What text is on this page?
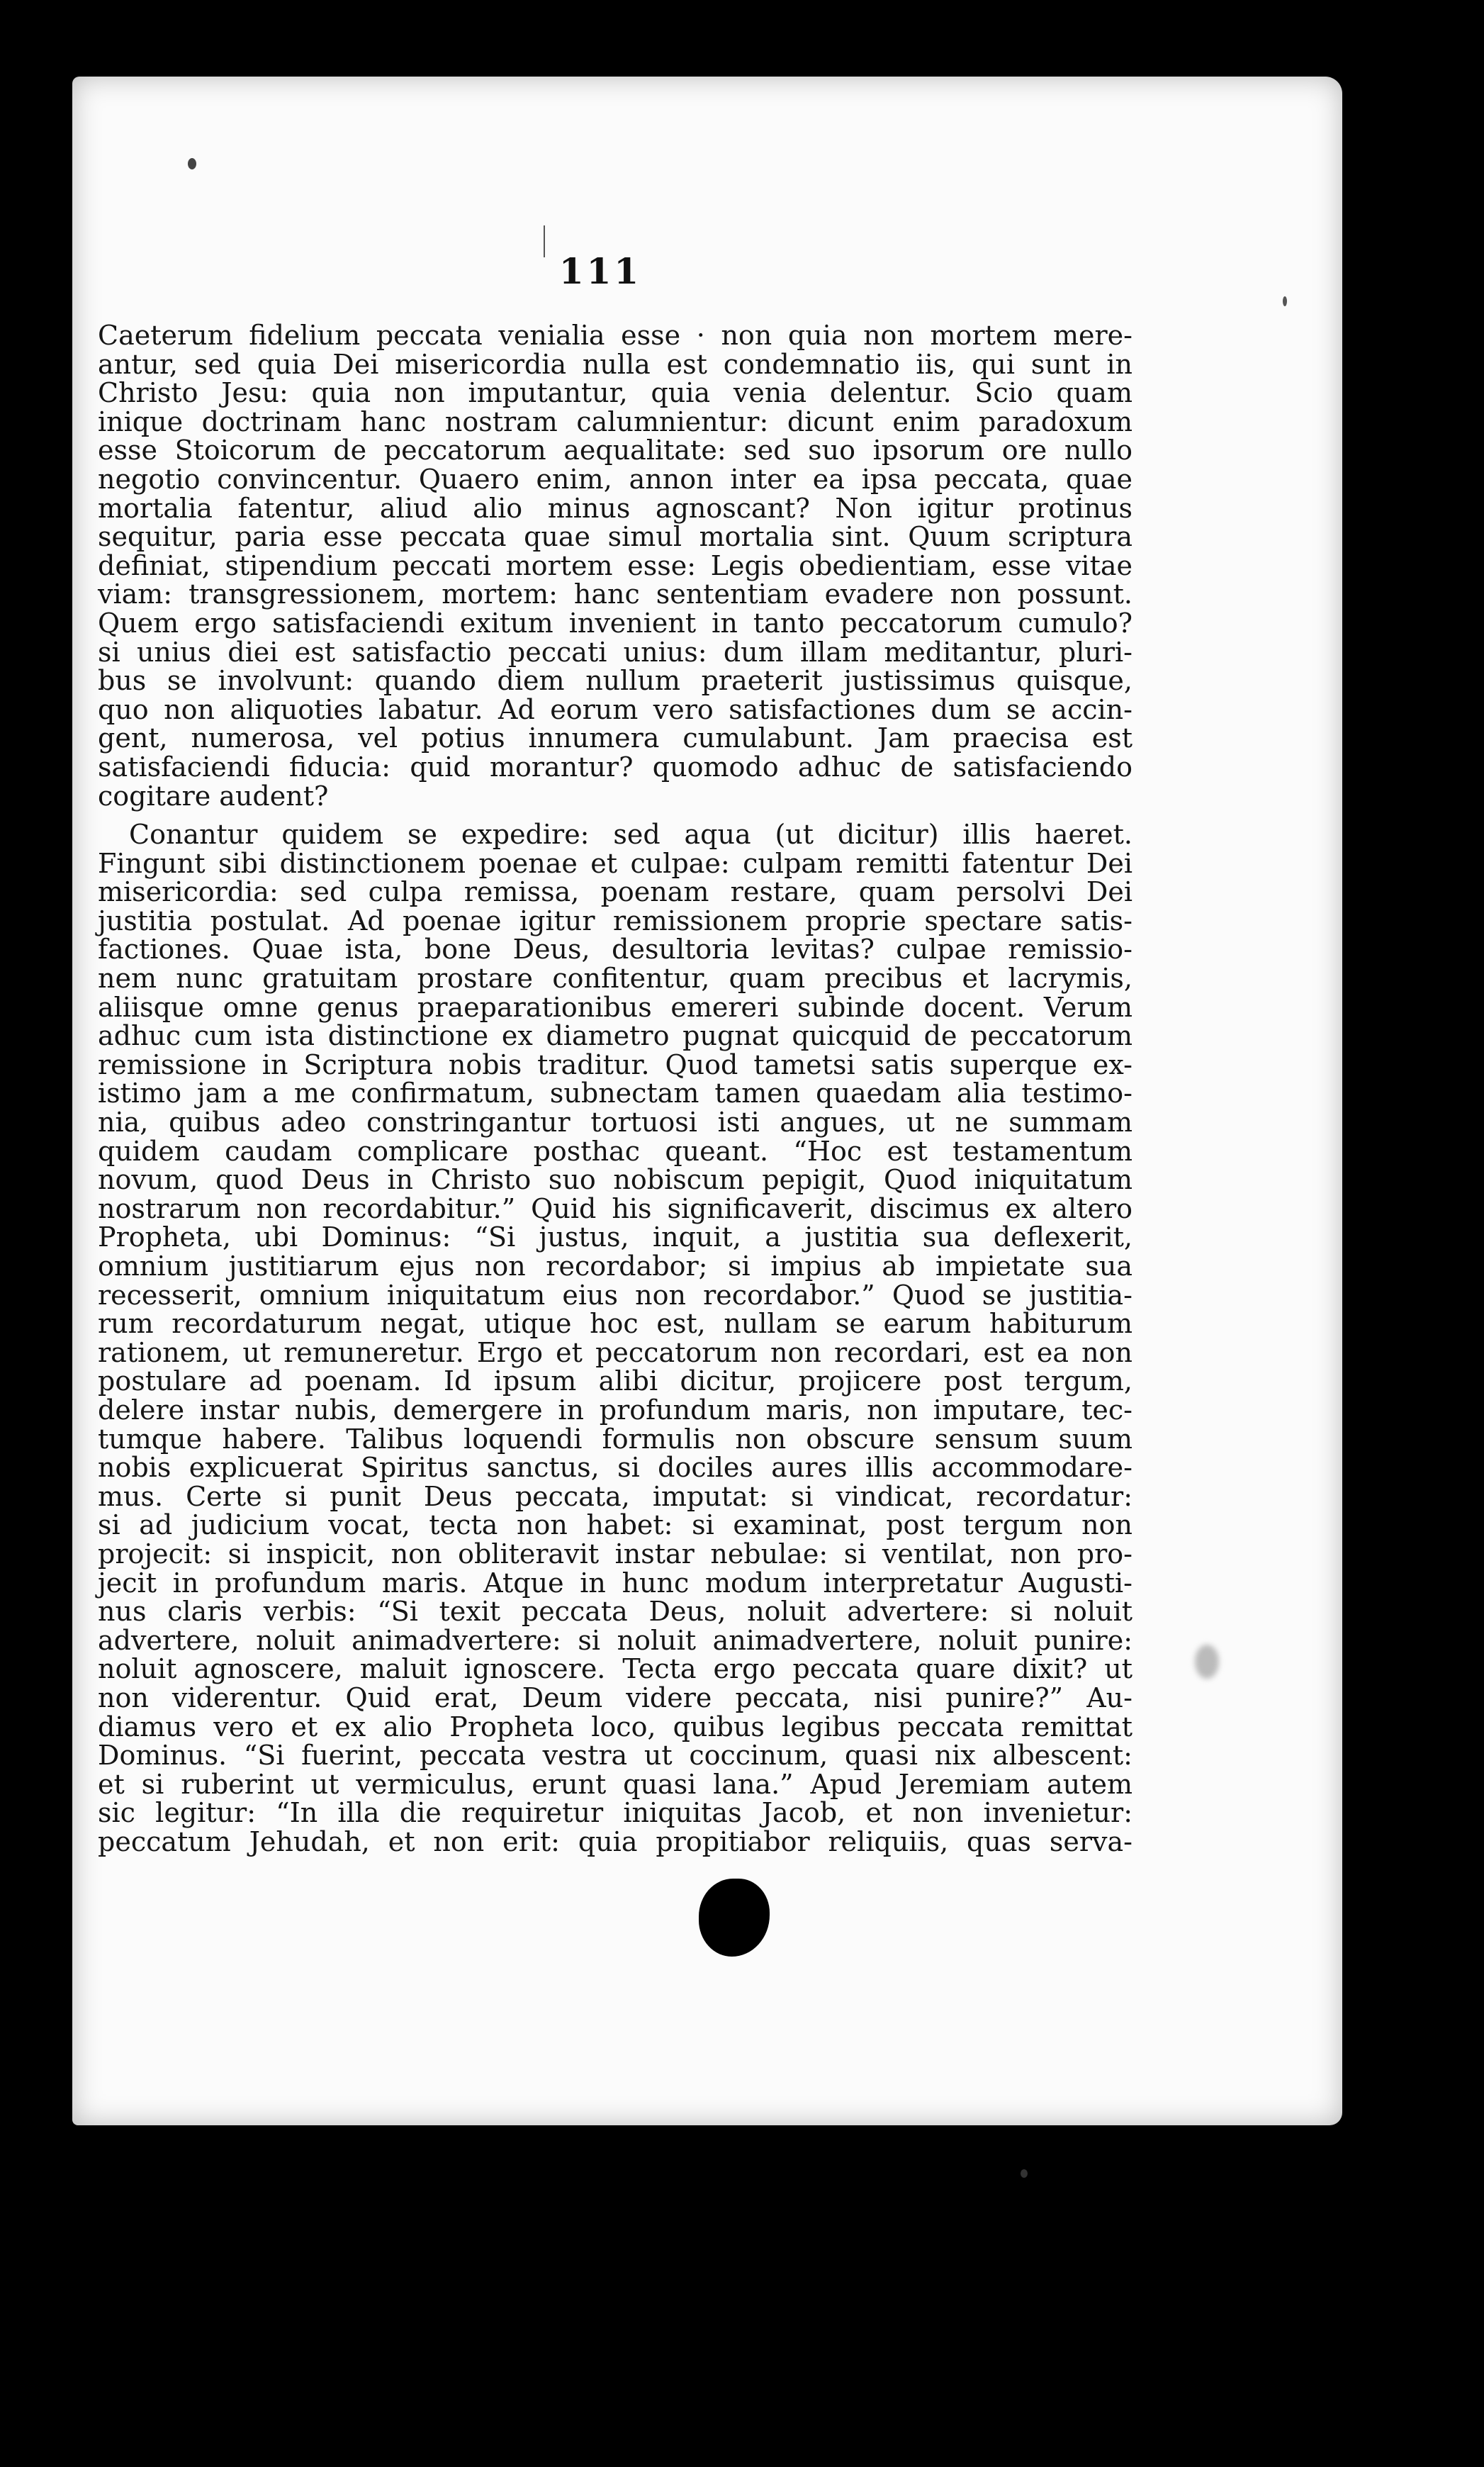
111
Caeterum fidelium peccata venialia esse · non quia non mortem mere-
antur, sed quia Dei misericordia nulla est condemnatio iis, qui sunt in
Christo Jesu: quia non imputantur, quia venia delentur. Scio quam
inique doctrinam hanc nostram calumnientur: dicunt enim paradoxum
esse Stoicorum de peccatorum aequalitate: sed suo ipsorum ore nullo
negotio convincentur. Quaero enim, annon inter ea ipsa peccata, quae
mortalia fatentur, aliud alio minus agnoscant? Non igitur protinus
sequitur, paria esse peccata quae simul mortalia sint. Quum scriptura
definiat, stipendium peccati mortem esse: Legis obedientiam, esse vitae
viam: transgressionem, mortem: hanc sententiam evadere non possunt.
Quem ergo satisfaciendi exitum invenient in tanto peccatorum cumulo?
si unius diei est satisfactio peccati unius: dum illam meditantur, pluri-
bus se involvunt: quando diem nullum praeterit justissimus quisque,
quo non aliquoties labatur. Ad eorum vero satisfactiones dum se accin-
gent, numerosa, vel potius innumera cumulabunt. Jam praecisa est
satisfaciendi fiducia: quid morantur? quomodo adhuc de satisfaciendo
cogitare audent?
Conantur quidem se expedire: sed aqua (ut dicitur) illis haeret.
Fingunt sibi distinctionem poenae et culpae: culpam remitti fatentur Dei
misericordia: sed culpa remissa, poenam restare, quam persolvi Dei
justitia postulat. Ad poenae igitur remissionem proprie spectare satis-
factiones. Quae ista, bone Deus, desultoria levitas? culpae remissio-
nem nunc gratuitam prostare confitentur, quam precibus et lacrymis,
aliisque omne genus praeparationibus emereri subinde docent. Verum
adhuc cum ista distinctione ex diametro pugnat quicquid de peccatorum
remissione in Scriptura nobis traditur. Quod tametsi satis superque ex-
istimo jam a me confirmatum, subnectam tamen quaedam alia testimo-
nia, quibus adeo constringantur tortuosi isti angues, ut ne summam
quidem caudam complicare posthac queant. “Hoc est testamentum
novum, quod Deus in Christo suo nobiscum pepigit, Quod iniquitatum
nostrarum non recordabitur.” Quid his significaverit, discimus ex altero
Propheta, ubi Dominus: “Si justus, inquit, a justitia sua deflexerit,
omnium justitiarum ejus non recordabor; si impius ab impietate sua
recesserit, omnium iniquitatum eius non recordabor.” Quod se justitia-
rum recordaturum negat, utique hoc est, nullam se earum habiturum
rationem, ut remuneretur. Ergo et peccatorum non recordari, est ea non
postulare ad poenam. Id ipsum alibi dicitur, projicere post tergum,
delere instar nubis, demergere in profundum maris, non imputare, tec-
tumque habere. Talibus loquendi formulis non obscure sensum suum
nobis explicuerat Spiritus sanctus, si dociles aures illis accommodare-
mus. Certe si punit Deus peccata, imputat: si vindicat, recordatur:
si ad judicium vocat, tecta non habet: si examinat, post tergum non
projecit: si inspicit, non obliteravit instar nebulae: si ventilat, non pro-
jecit in profundum maris. Atque in hunc modum interpretatur Augusti-
nus claris verbis: “Si texit peccata Deus, noluit advertere: si noluit
advertere, noluit animadvertere: si noluit animadvertere, noluit punire:
noluit agnoscere, maluit ignoscere. Tecta ergo peccata quare dixit? ut
non viderentur. Quid erat, Deum videre peccata, nisi punire?” Au-
diamus vero et ex alio Propheta loco, quibus legibus peccata remittat
Dominus. “Si fuerint, peccata vestra ut coccinum, quasi nix albescent:
et si ruberint ut vermiculus, erunt quasi lana.” Apud Jeremiam autem
sic legitur: “In illa die requiretur iniquitas Jacob, et non invenietur:
peccatum Jehudah, et non erit: quia propitiabor reliquiis, quas serva-
